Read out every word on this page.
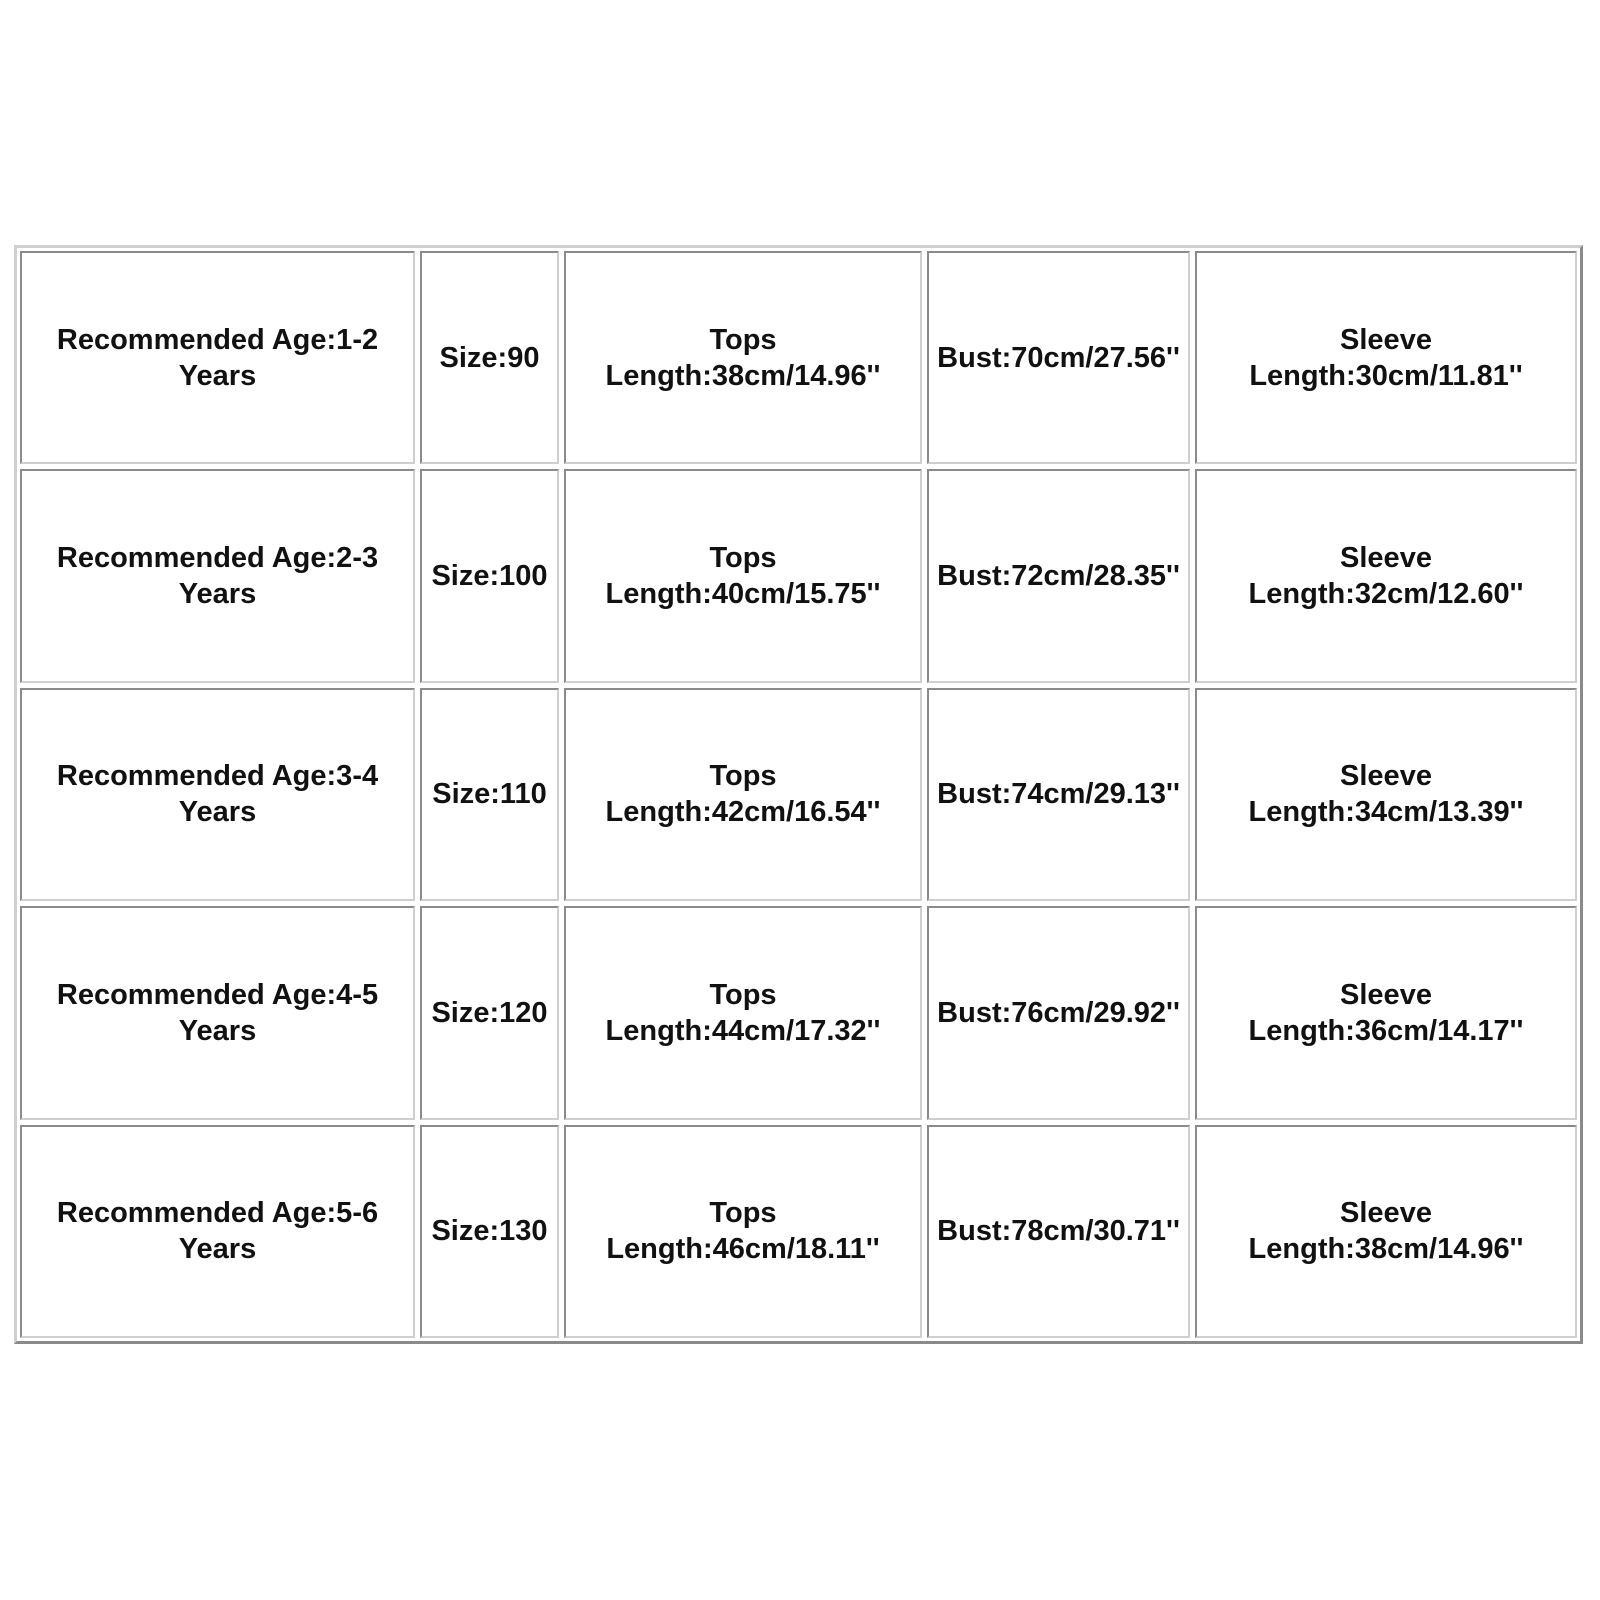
Recommended Age:1-2
Years
Size:90
Tops
Length:38cm/14.96''
Bust:70cm/27.56''
Sleeve
Length:30cm/11.81''
Recommended Age:2-3
Years
Size:100
Tops
Length:40cm/15.75''
Bust:72cm/28.35''
Sleeve
Length:32cm/12.60''
Recommended Age:3-4
Years
Size:110
Tops
Length:42cm/16.54''
Bust:74cm/29.13''
Sleeve
Length:34cm/13.39''
Recommended Age:4-5
Years
Size:120
Tops
Length:44cm/17.32''
Bust:76cm/29.92''
Sleeve
Length:36cm/14.17''
Recommended Age:5-6
Years
Size:130
Tops
Length:46cm/18.11''
Bust:78cm/30.71''
Sleeve
Length:38cm/14.96''
